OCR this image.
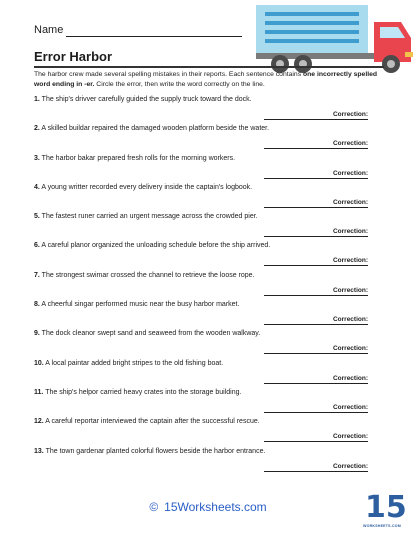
Name
Error Harbor
The harbor crew made several spelling mistakes in their reports. Each sentence contains one incorrectly spelled word ending in -er. Circle the error, then write the word correctly on the line.
1. The ship's drivver carefully guided the supply truck toward the dock.
Correction:
2. A skilled buildar repaired the damaged wooden platform beside the water.
Correction:
3. The harbor bakar prepared fresh rolls for the morning workers.
Correction:
4. A young writter recorded every delivery inside the captain's logbook.
Correction:
5. The fastest runer carried an urgent message across the crowded pier.
Correction:
6. A careful planor organized the unloading schedule before the ship arrived.
Correction:
7. The strongest swimar crossed the channel to retrieve the loose rope.
Correction:
8. A cheerful singar performed music near the busy harbor market.
Correction:
9. The dock cleanor swept sand and seaweed from the wooden walkway.
Correction:
10. A local paintar added bright stripes to the old fishing boat.
Correction:
11. The ship's helpor carried heavy crates into the storage building.
Correction:
12. A careful reportar interviewed the captain after the successful rescue.
Correction:
13. The town gardenar planted colorful flowers beside the harbor entrance.
Correction:
© 15Worksheets.com	15
WORKSHEETS.COM
